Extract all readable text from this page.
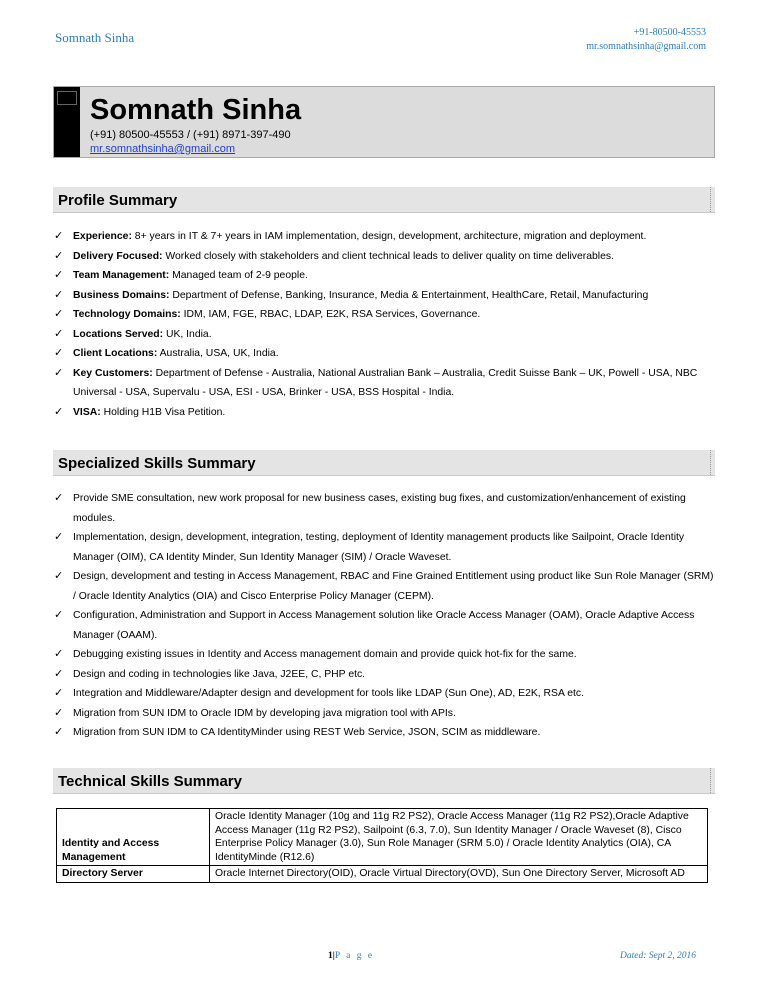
Somnath Sinha	+91-80500-45553
mr.somnathsinha@gmail.com
Somnath Sinha
(+91) 80500-45553 / (+91) 8971-397-490
mr.somnathsinha@gmail.com
Profile Summary
✓ Experience: 8+ years in IT & 7+ years in IAM implementation, design, development, architecture, migration and deployment.
✓ Delivery Focused: Worked closely with stakeholders and client technical leads to deliver quality on time deliverables.
✓ Team Management: Managed team of 2-9 people.
✓ Business Domains: Department of Defense, Banking, Insurance, Media & Entertainment, HealthCare, Retail, Manufacturing
✓ Technology Domains: IDM, IAM, FGE, RBAC, LDAP, E2K, RSA Services, Governance.
✓ Locations Served: UK, India.
✓ Client Locations: Australia, USA, UK, India.
✓ Key Customers: Department of Defense - Australia, National Australian Bank – Australia, Credit Suisse Bank – UK, Powell - USA, NBC Universal - USA, Supervalu - USA, ESI - USA, Brinker - USA, BSS Hospital - India.
✓ VISA: Holding H1B Visa Petition.
Specialized Skills Summary
✓ Provide SME consultation, new work proposal for new business cases, existing bug fixes, and customization/enhancement of existing modules.
✓ Implementation, design, development, integration, testing, deployment of Identity management products like Sailpoint, Oracle Identity Manager (OIM), CA Identity Minder, Sun Identity Manager (SIM) / Oracle Waveset.
✓ Design, development and testing in Access Management, RBAC and Fine Grained Entitlement using product like Sun Role Manager (SRM) / Oracle Identity Analytics (OIA) and Cisco Enterprise Policy Manager (CEPM).
✓ Configuration, Administration and Support in Access Management solution like Oracle Access Manager (OAM), Oracle Adaptive Access Manager (OAAM).
✓ Debugging existing issues in Identity and Access management domain and provide quick hot-fix for the same.
✓ Design and coding in technologies like Java, J2EE, C, PHP etc.
✓ Integration and Middleware/Adapter design and development for tools like LDAP (Sun One), AD, E2K, RSA etc.
✓ Migration from SUN IDM to Oracle IDM by developing java migration tool with APIs.
✓ Migration from SUN IDM to CA IdentityMinder using REST Web Service, JSON, SCIM as middleware.
Technical Skills Summary
Identity and Access Management	Oracle Identity Manager (10g and 11g R2 PS2), Oracle Access Manager (11g R2 PS2),Oracle Adaptive Access Manager (11g R2 PS2), Sailpoint (6.3, 7.0), Sun Identity Manager / Oracle Waveset (8), Cisco Enterprise Policy Manager (3.0), Sun Role Manager (SRM 5.0) / Oracle Identity Analytics (OIA), CA IdentityMinde (R12.6)
Directory Server	Oracle Internet Directory(OID), Oracle Virtual Directory(OVD), Sun One Directory Server, Microsoft AD
1|P a g e	Dated: Sept 2, 2016
